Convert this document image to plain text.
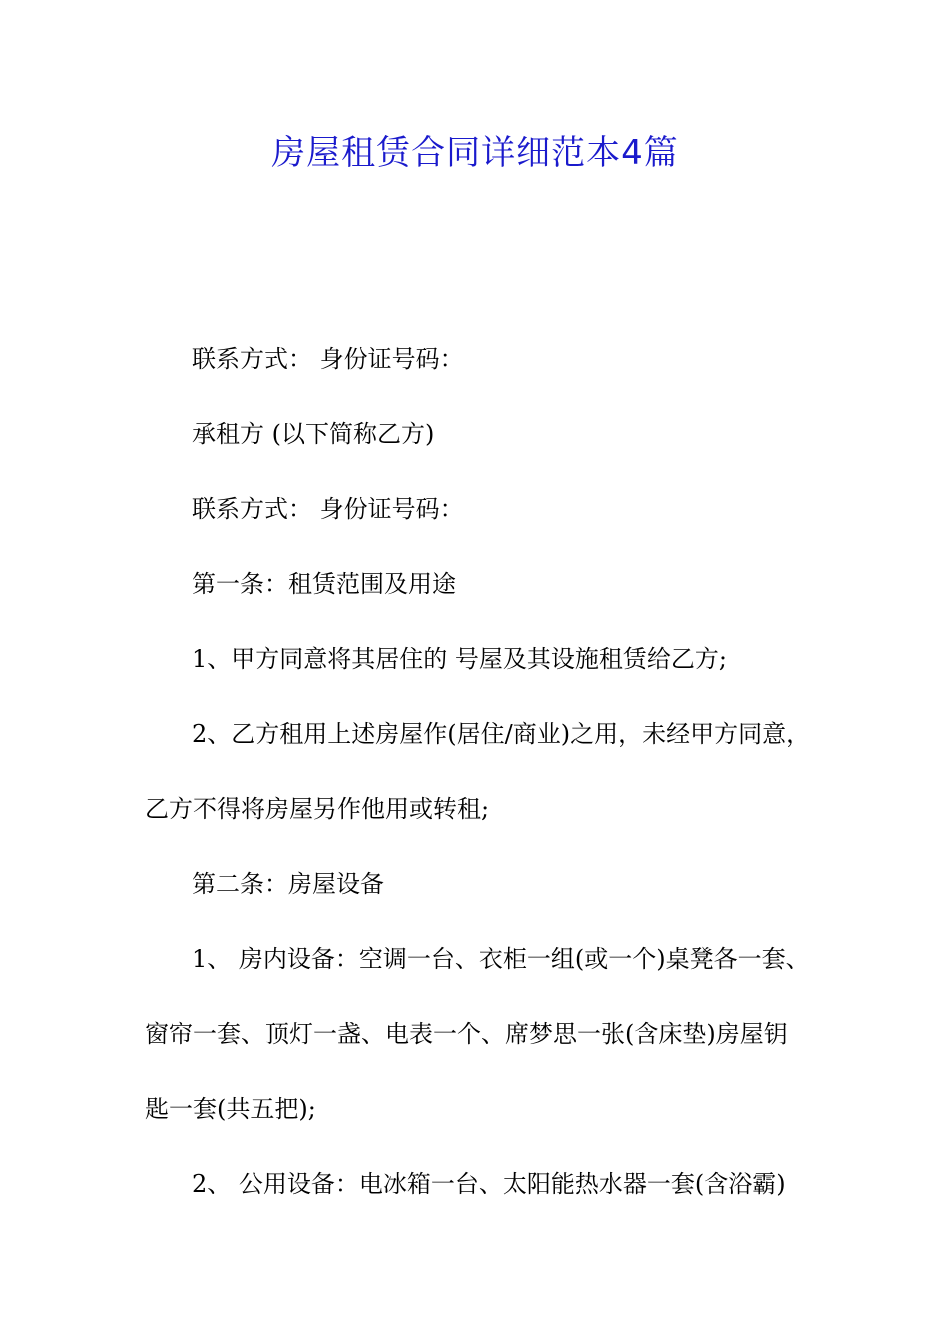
房屋租赁合同详细范本4篇
联系方式： 身份证号码：
承租方 (以下简称乙方)
联系方式： 身份证号码：
第一条：租赁范围及用途
1、甲方同意将其居住的 号屋及其设施租赁给乙方;
2、乙方租用上述房屋作(居住/商业)之用，未经甲方同意，
乙方不得将房屋另作他用或转租;
第二条：房屋设备
1、 房内设备：空调一台、衣柜一组(或一个)桌凳各一套、
窗帘一套、顶灯一盏、电表一个、席梦思一张(含床垫)房屋钥
匙一套(共五把);
2、 公用设备：电冰箱一台、太阳能热水器一套(含浴霸)
